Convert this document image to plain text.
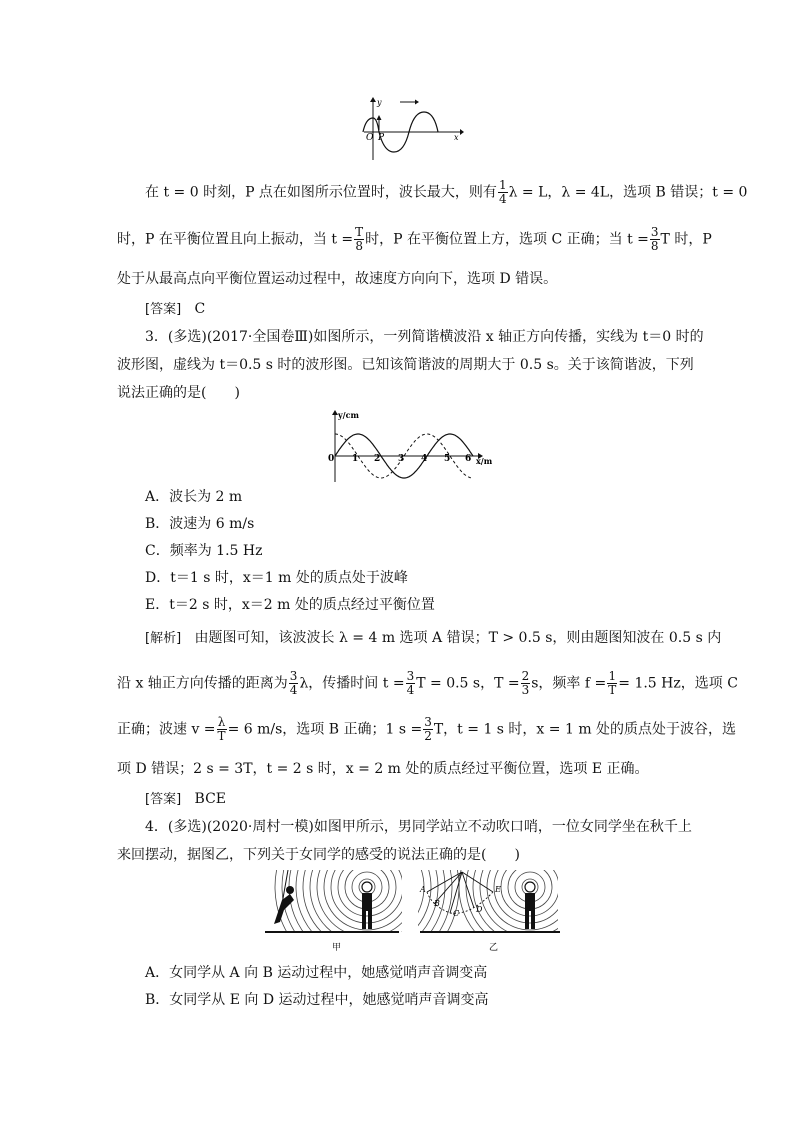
y
O P	x
在 t = 0 时刻，P 点在如图所示位置时，波长最大，则有 $\frac{1}{4}$ λ = L，λ = 4L，选项 B 错误；t = 0
时，P 在平衡位置且向上振动，当 $t = \frac{T}{8}$ 时，P 在平衡位置上方，选项 C 正确；当 $t = \frac{3}{8}$ T 时，P
处于从最高点向平衡位置运动过程中，故速度方向向下，选项 D 错误。
[答案] C
3．(多选)(2017·全国卷Ⅲ)如图所示，一列简谐横波沿 x 轴正方向传播，实线为 t＝0 时的
波形图，虚线为 t＝0.5 s 时的波形图。已知该简谐波的周期大于 0.5 s。关于该简谐波，下列
说法正确的是(　　)
y/cm
x/m
0 1 2 3 4 5 6
A．波长为 2 m
B．波速为 6 m/s
C．频率为 1.5 Hz
D．t＝1 s 时，x＝1 m 处的质点处于波峰
E．t＝2 s 时，x＝2 m 处的质点经过平衡位置
[解析] 由题图可知，该波波长 λ = 4 m 选项 A 错误；T > 0.5 s，则由题图知波在 0.5 s 内
沿 x 轴正方向传播的距离为 $\frac{3}{4}$ λ，传播时间 $t = \frac{3}{4}$ T = 0.5 s，$T = \frac{2}{3}$ s，频率 $f = \frac{1}{T} = 1.5$ Hz，选项 C
正确；波速 $v = \frac{\lambda}{T} = 6$ m/s，选项 B 正确；1 $s = \frac{3}{2}$ T，t = 1 s 时，x = 1 m 处的质点处于波谷，选
项 D 错误；2 s = 3T，t = 2 s 时，x = 2 m 处的质点经过平衡位置，选项 E 正确。
[答案] BCE
4．(多选)(2020·周村一模)如图甲所示，男同学站立不动吹口哨，一位女同学坐在秋千上
来回摆动，据图乙，下列关于女同学的感受的说法正确的是(　　)
甲
A
B
C D
E
乙
A．女同学从 A 向 B 运动过程中，她感觉哨声音调变高
B．女同学从 E 向 D 运动过程中，她感觉哨声音调变高
